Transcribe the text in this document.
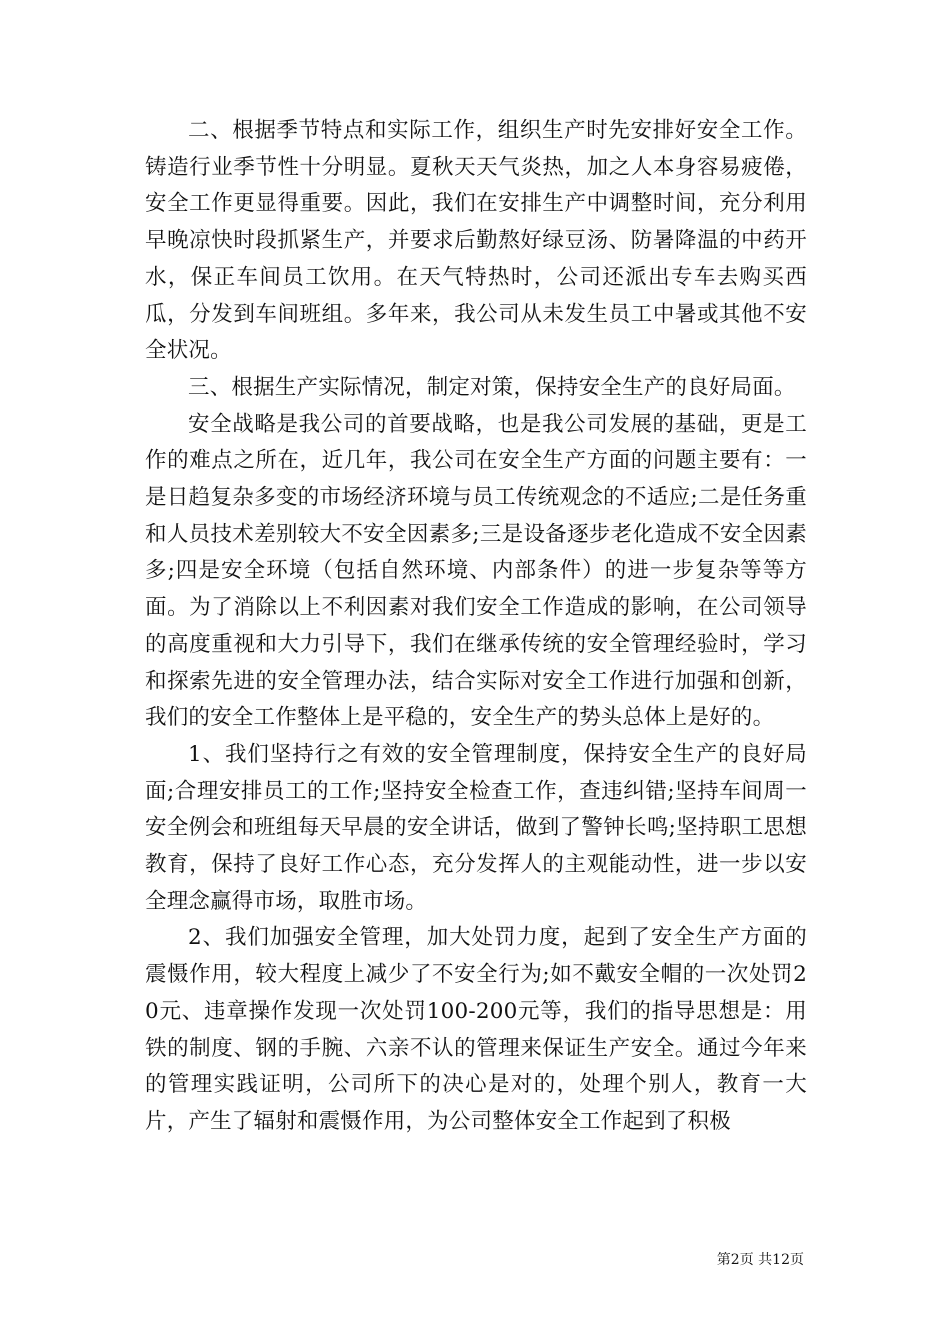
二、根据季节特点和实际工作，组织生产时先安排好安全工作。铸造行业季节性十分明显。夏秋天天气炎热，加之人本身容易疲倦，安全工作更显得重要。因此，我们在安排生产中调整时间，充分利用早晚凉快时段抓紧生产，并要求后勤熬好绿豆汤、防暑降温的中药开水，保正车间员工饮用。在天气特热时，公司还派出专车去购买西瓜，分发到车间班组。多年来，我公司从未发生员工中暑或其他不安全状况。

三、根据生产实际情况，制定对策，保持安全生产的良好局面。

安全战略是我公司的首要战略，也是我公司发展的基础，更是工作的难点之所在，近几年，我公司在安全生产方面的问题主要有：一是日趋复杂多变的市场经济环境与员工传统观念的不适应;二是任务重和人员技术差别较大不安全因素多;三是设备逐步老化造成不安全因素多;四是安全环境（包括自然环境、内部条件）的进一步复杂等等方面。为了消除以上不利因素对我们安全工作造成的影响，在公司领导的高度重视和大力引导下，我们在继承传统的安全管理经验时，学习和探索先进的安全管理办法，结合实际对安全工作进行加强和创新，我们的安全工作整体上是平稳的，安全生产的势头总体上是好的。

1、我们坚持行之有效的安全管理制度，保持安全生产的良好局面;合理安排员工的工作;坚持安全检查工作，查违纠错;坚持车间周一安全例会和班组每天早晨的安全讲话，做到了警钟长鸣;坚持职工思想教育，保持了良好工作心态，充分发挥人的主观能动性，进一步以安全理念赢得市场，取胜市场。

2、我们加强安全管理，加大处罚力度，起到了安全生产方面的震慑作用，较大程度上减少了不安全行为;如不戴安全帽的一次处罚20元、违章操作发现一次处罚100-200元等，我们的指导思想是：用铁的制度、钢的手腕、六亲不认的管理来保证生产安全。通过今年来的管理实践证明，公司所下的决心是对的，处理个别人，教育一大片，产生了辐射和震慑作用，为公司整体安全工作起到了积极

第2页 共12页
